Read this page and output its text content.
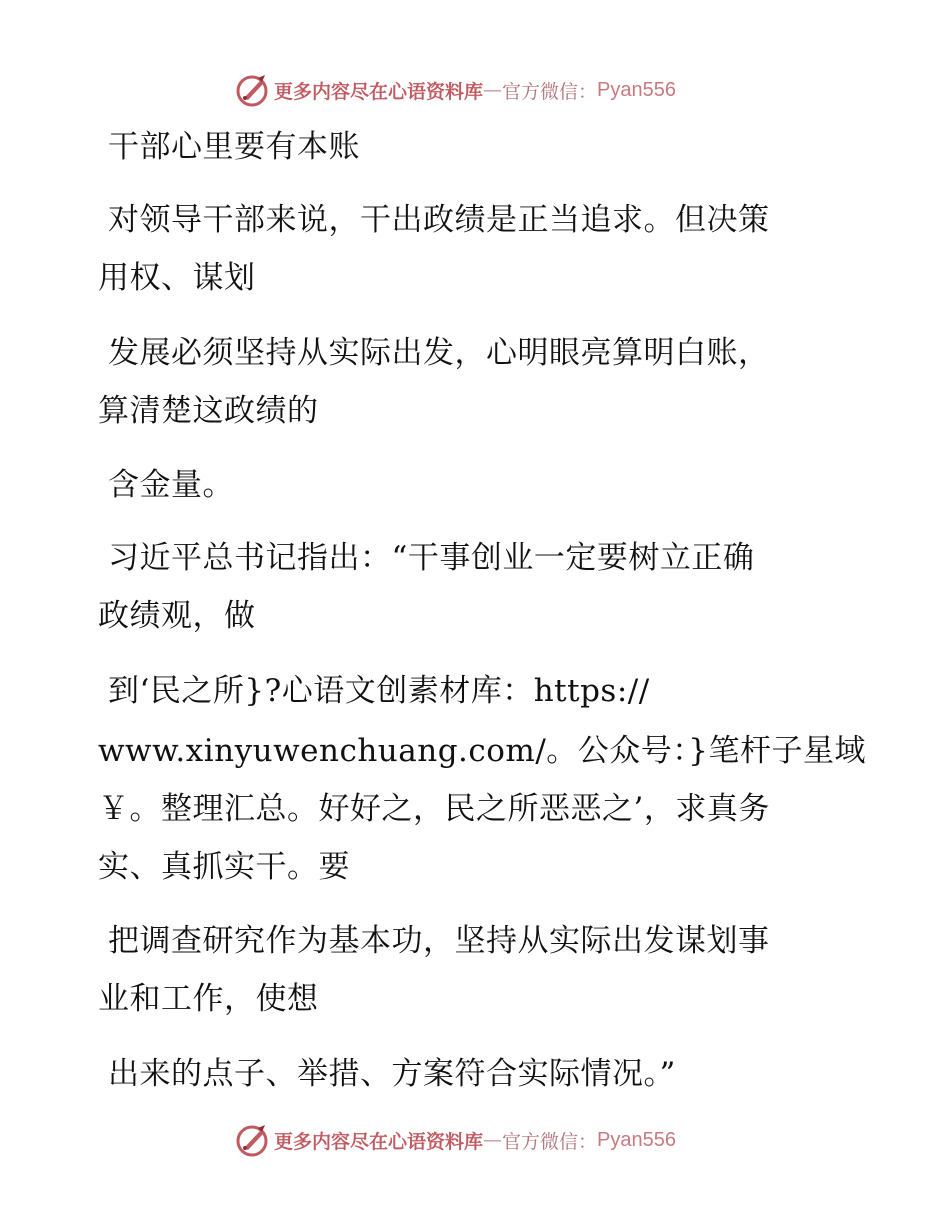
更多内容尽在心语资料库 — 官方微信： Pyan556
干部心里要有本账
对领导干部来说，干出政绩是正当追求。但决策
用权、谋划
发展必须坚持从实际出发，心明眼亮算明白账，
算清楚这政绩的
含金量。
习近平总书记指出：“干事创业一定要树立正确
政绩观，做
到‘民之所}?心语文创素材库：https://
www.xinyuwenchuang.com/。公众号：}笔杆子星域
￥。整理汇总。好好之，民之所恶恶之’，求真务
实、真抓实干。要
把调查研究作为基本功，坚持从实际出发谋划事
业和工作，使想
出来的点子、举措、方案符合实际情况。”
更多内容尽在心语资料库 — 官方微信： Pyan556
